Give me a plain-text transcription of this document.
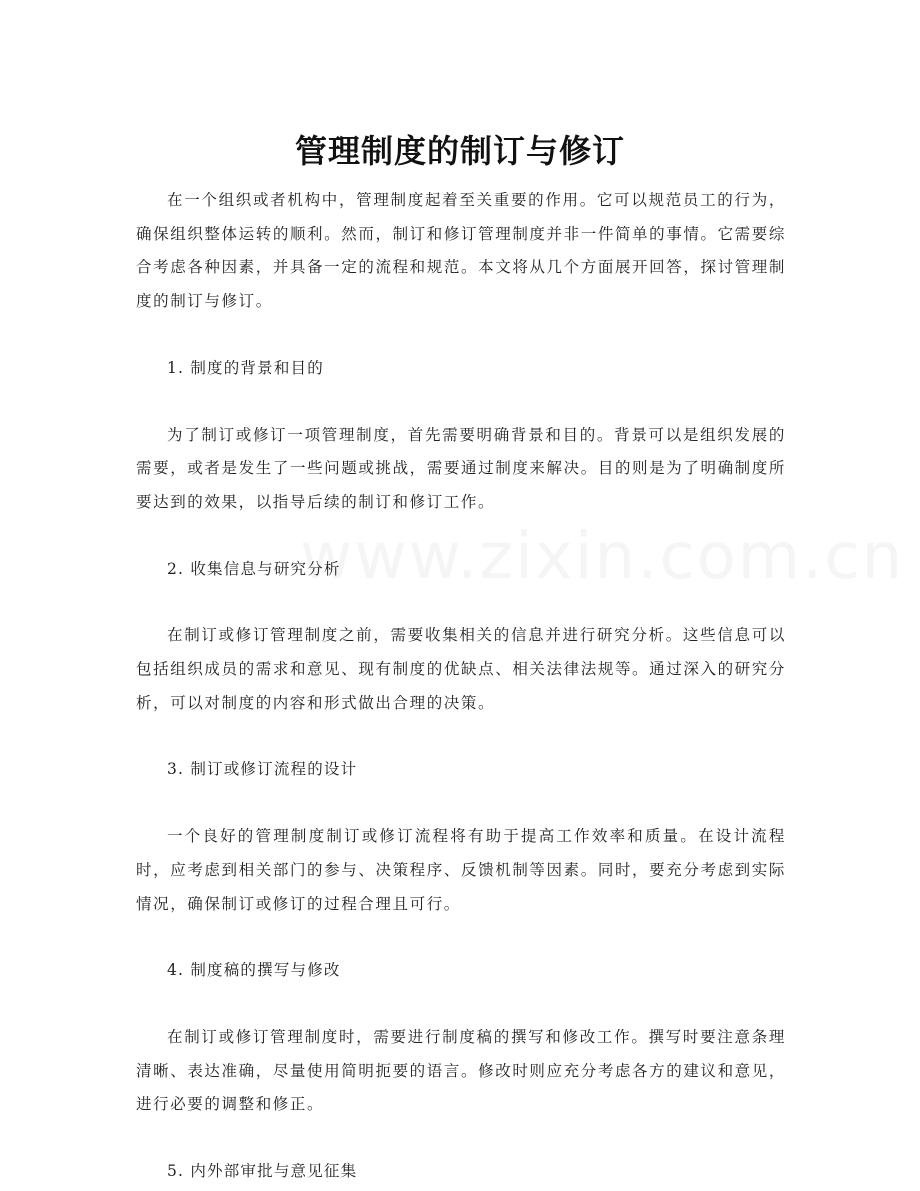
www.zixin.com.cn
管理制度的制订与修订

在一个组织或者机构中，管理制度起着至关重要的作用。它可以规范员工的行为，确保组织整体运转的顺利。然而，制订和修订管理制度并非一件简单的事情。它需要综合考虑各种因素，并具备一定的流程和规范。本文将从几个方面展开回答，探讨管理制度的制订与修订。

1. 制度的背景和目的

为了制订或修订一项管理制度，首先需要明确背景和目的。背景可以是组织发展的需要，或者是发生了一些问题或挑战，需要通过制度来解决。目的则是为了明确制度所要达到的效果，以指导后续的制订和修订工作。

2. 收集信息与研究分析

在制订或修订管理制度之前，需要收集相关的信息并进行研究分析。这些信息可以包括组织成员的需求和意见、现有制度的优缺点、相关法律法规等。通过深入的研究分析，可以对制度的内容和形式做出合理的决策。

3. 制订或修订流程的设计

一个良好的管理制度制订或修订流程将有助于提高工作效率和质量。在设计流程时，应考虑到相关部门的参与、决策程序、反馈机制等因素。同时，要充分考虑到实际情况，确保制订或修订的过程合理且可行。

4. 制度稿的撰写与修改

在制订或修订管理制度时，需要进行制度稿的撰写和修改工作。撰写时要注意条理清晰、表达准确，尽量使用简明扼要的语言。修改时则应充分考虑各方的建议和意见，进行必要的调整和修正。

5. 内外部审批与意见征集
